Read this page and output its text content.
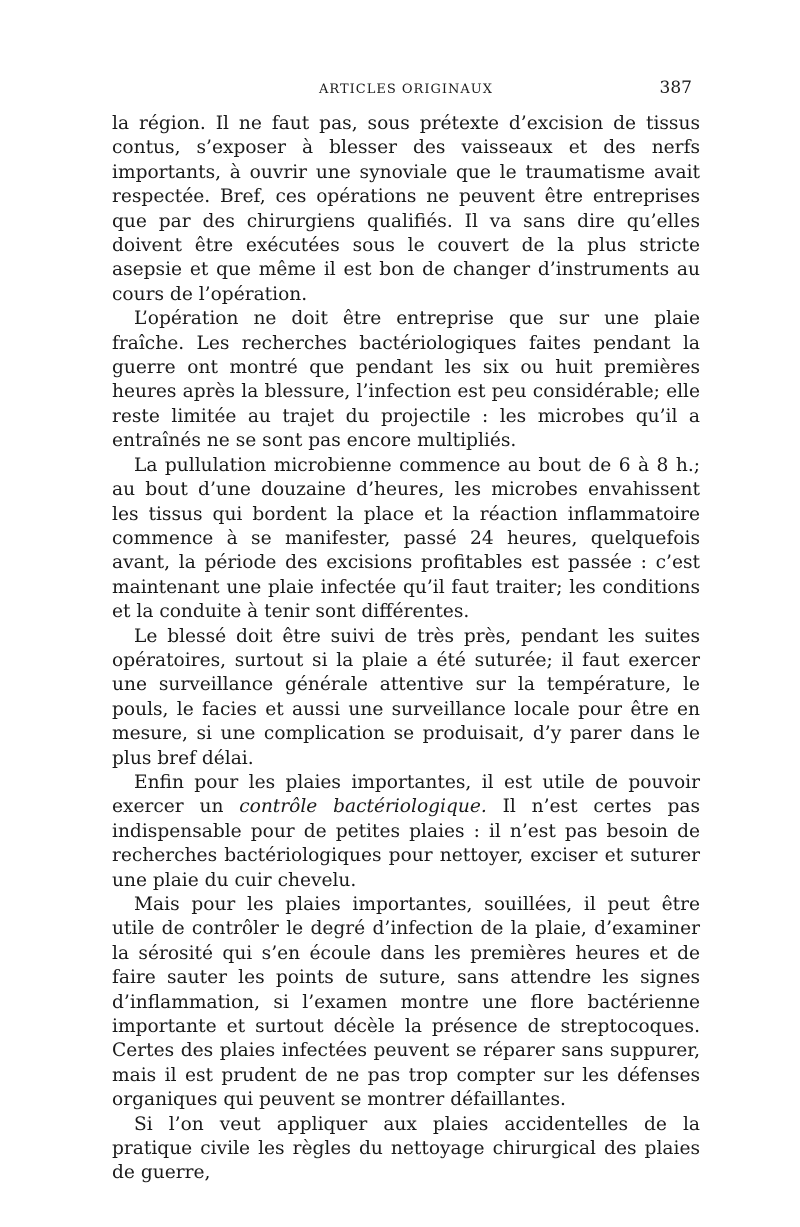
ARTICLES ORIGINAUX	387

la région. Il ne faut pas, sous prétexte d’excision de tissus contus, s’exposer à blesser des vaisseaux et des nerfs importants, à ouvrir une synoviale que le traumatisme avait respectée. Bref, ces opérations ne peuvent être entreprises que par des chirurgiens qualifiés. Il va sans dire qu’elles doivent être exécutées sous le couvert de la plus stricte asepsie et que même il est bon de changer d’instruments au cours de l’opération.

L’opération ne doit être entreprise que sur une plaie fraîche. Les recherches bactériologiques faites pendant la guerre ont montré que pendant les six ou huit premières heures après la blessure, l’infection est peu considérable; elle reste limitée au trajet du projectile : les microbes qu’il a entraînés ne se sont pas encore multipliés.

La pullulation microbienne commence au bout de 6 à 8 h.; au bout d’une douzaine d’heures, les microbes envahissent les tissus qui bordent la place et la réaction inflammatoire commence à se manifester, passé 24 heures, quelquefois avant, la période des excisions profitables est passée : c’est maintenant une plaie infectée qu’il faut traiter; les conditions et la conduite à tenir sont différentes.

Le blessé doit être suivi de très près, pendant les suites opératoires, surtout si la plaie a été suturée; il faut exercer une surveillance générale attentive sur la température, le pouls, le facies et aussi une surveillance locale pour être en mesure, si une complication se produisait, d’y parer dans le plus bref délai.

Enfin pour les plaies importantes, il est utile de pouvoir exercer un contrôle bactériologique. Il n’est certes pas indispensable pour de petites plaies : il n’est pas besoin de recherches bactériologiques pour nettoyer, exciser et suturer une plaie du cuir chevelu.

Mais pour les plaies importantes, souillées, il peut être utile de contrôler le degré d’infection de la plaie, d’examiner la sérosité qui s’en écoule dans les premières heures et de faire sauter les points de suture, sans attendre les signes d’inflammation, si l’examen montre une flore bactérienne importante et surtout décèle la présence de streptocoques. Certes des plaies infectées peuvent se réparer sans suppurer, mais il est prudent de ne pas trop compter sur les défenses organiques qui peuvent se montrer défaillantes.

Si l’on veut appliquer aux plaies accidentelles de la pratique civile les règles du nettoyage chirurgical des plaies de guerre,
